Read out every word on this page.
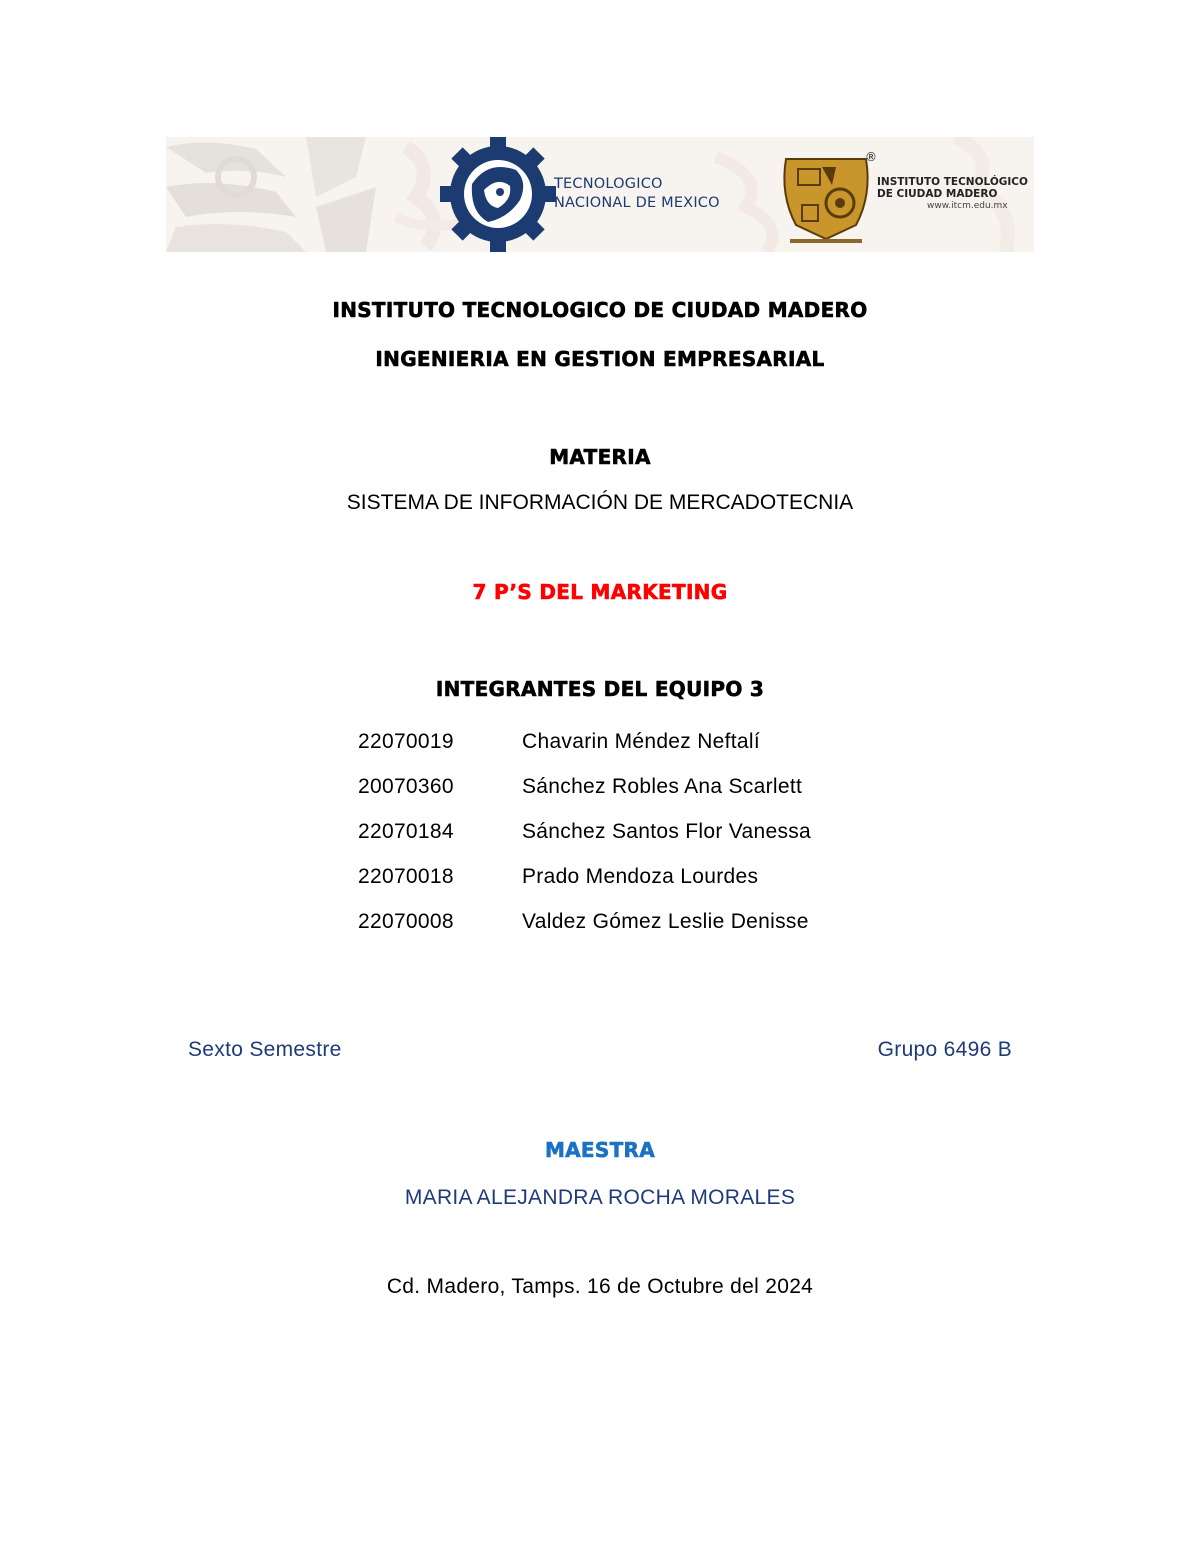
TECNOLOGICO
NACIONAL DE MEXICO
®
INSTITUTO TECNOLÓGICO
DE CIUDAD MADERO
www.itcm.edu.mx
INSTITUTO TECNOLOGICO DE CIUDAD MADERO
INGENIERIA EN GESTION EMPRESARIAL
MATERIA
SISTEMA DE INFORMACIÓN DE MERCADOTECNIA
7 P’S DEL MARKETING
INTEGRANTES DEL EQUIPO 3
22070019	Chavarin Méndez Neftalí
20070360	Sánchez Robles Ana Scarlett
22070184	Sánchez Santos Flor Vanessa
22070018	Prado Mendoza Lourdes
22070008	Valdez Gómez Leslie Denisse
Sexto Semestre	Grupo 6496 B
MAESTRA
MARIA ALEJANDRA ROCHA MORALES
Cd. Madero, Tamps. 16 de Octubre del 2024
